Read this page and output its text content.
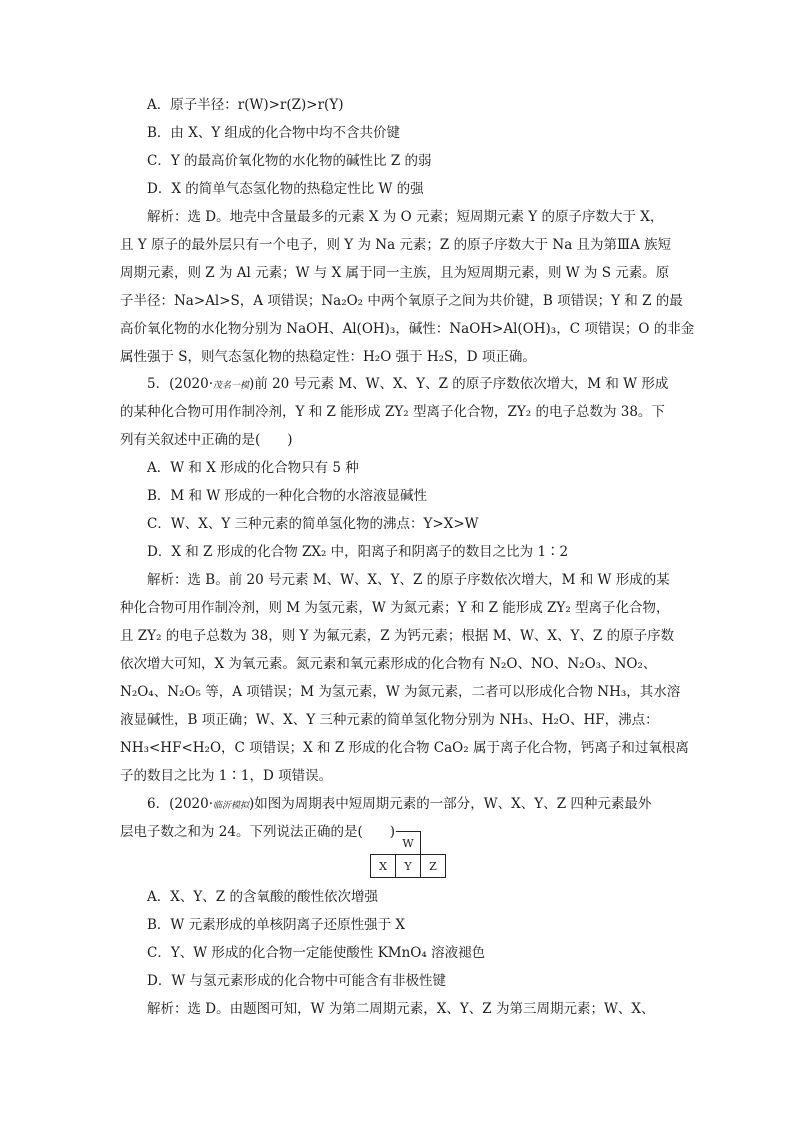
A．原子半径：r(W)>r(Z)>r(Y)
B．由 X、Y 组成的化合物中均不含共价键
C．Y 的最高价氧化物的水化物的碱性比 Z 的弱
D．X 的简单气态氢化物的热稳定性比 W 的强
解析：选 D。地壳中含量最多的元素 X 为 O 元素；短周期元素 Y 的原子序数大于 X，
且 Y 原子的最外层只有一个电子，则 Y 为 Na 元素；Z 的原子序数大于 Na 且为第ⅢA 族短
周期元素，则 Z 为 Al 元素；W 与 X 属于同一主族，且为短周期元素，则 W 为 S 元素。原
子半径：Na>Al>S，A 项错误；Na₂O₂ 中两个氧原子之间为共价键，B 项错误；Y 和 Z 的最
高价氧化物的水化物分别为 NaOH、Al(OH)₃，碱性：NaOH>Al(OH)₃，C 项错误；O 的非金
属性强于 S，则气态氢化物的热稳定性：H₂O 强于 H₂S，D 项正确。
5．(2020·茂名一模)前 20 号元素 M、W、X、Y、Z 的原子序数依次增大，M 和 W 形成
的某种化合物可用作制冷剂，Y 和 Z 能形成 ZY₂ 型离子化合物，ZY₂ 的电子总数为 38。下
列有关叙述中正确的是(　　)
A．W 和 X 形成的化合物只有 5 种
B．M 和 W 形成的一种化合物的水溶液显碱性
C．W、X、Y 三种元素的简单氢化物的沸点：Y>X>W
D．X 和 Z 形成的化合物 ZX₂ 中，阳离子和阴离子的数目之比为 1∶2
解析：选 B。前 20 号元素 M、W、X、Y、Z 的原子序数依次增大，M 和 W 形成的某
种化合物可用作制冷剂，则 M 为氢元素，W 为氮元素；Y 和 Z 能形成 ZY₂ 型离子化合物，
且 ZY₂ 的电子总数为 38，则 Y 为氟元素，Z 为钙元素；根据 M、W、X、Y、Z 的原子序数
依次增大可知，X 为氧元素。氮元素和氧元素形成的化合物有 N₂O、NO、N₂O₃、NO₂、
N₂O₄、N₂O₅ 等，A 项错误；M 为氢元素，W 为氮元素，二者可以形成化合物 NH₃，其水溶
液显碱性，B 项正确；W、X、Y 三种元素的简单氢化物分别为 NH₃、H₂O、HF，沸点：
NH₃<HF<H₂O，C 项错误；X 和 Z 形成的化合物 CaO₂ 属于离子化合物，钙离子和过氧根离
子的数目之比为 1∶1，D 项错误。
6．(2020·临沂模拟)如图为周期表中短周期元素的一部分，W、X、Y、Z 四种元素最外
层电子数之和为 24。下列说法正确的是(　　)
	W	
X	Y	Z
A．X、Y、Z 的含氧酸的酸性依次增强
B．W 元素形成的单核阴离子还原性强于 X
C．Y、W 形成的化合物一定能使酸性 KMnO₄ 溶液褪色
D．W 与氢元素形成的化合物中可能含有非极性键
解析：选 D。由题图可知，W 为第二周期元素，X、Y、Z 为第三周期元素；W、X、
